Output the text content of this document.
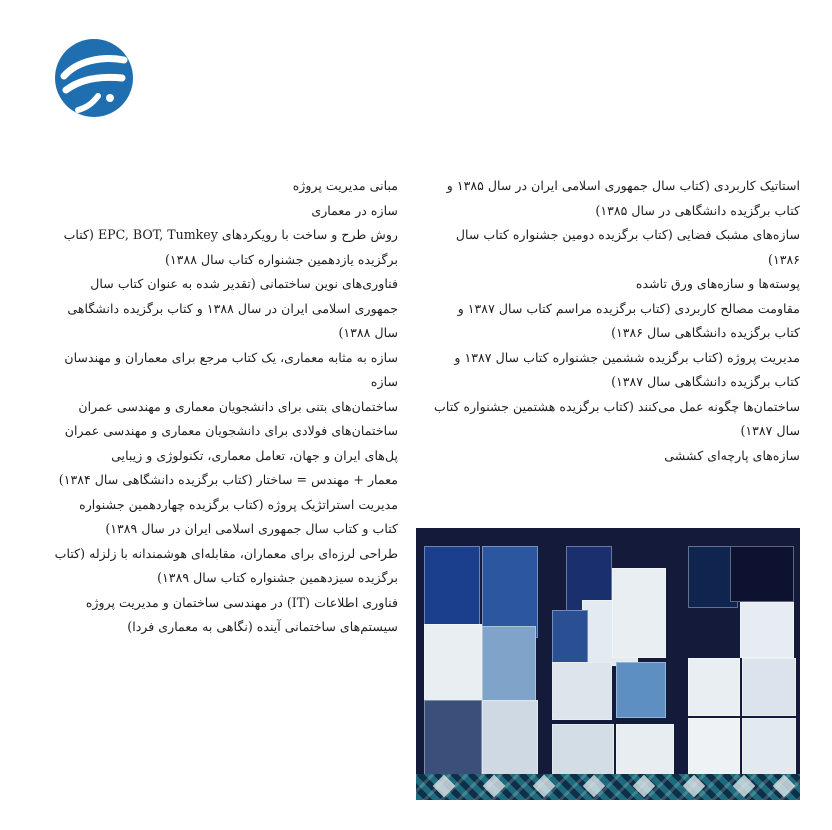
استاتیک کاربردی (کتاب سال جمهوری اسلامی ایران در سال ۱۳۸۵ و کتاب برگزیده دانشگاهی در سال ۱۳۸۵)
سازه‌های مشبک فضایی (کتاب برگزیده دومین جشنواره کتاب سال ۱۳۸۶)
پوسته‌ها و سازه‌های ورق تاشده
مقاومت مصالح کاربردی (کتاب برگزیده مراسم کتاب سال ۱۳۸۷ و کتاب برگزیده دانشگاهی سال ۱۳۸۶)
مدیریت پروژه (کتاب برگزیده ششمین جشنواره کتاب سال ۱۳۸۷ و کتاب برگزیده دانشگاهی سال ۱۳۸۷)
ساختمان‌ها چگونه عمل می‌کنند (کتاب برگزیده هشتمین جشنواره کتاب سال ۱۳۸۷)
سازه‌های پارچه‌ای کششی
مبانی مدیریت پروژه
سازه در معماری
روش طرح و ساخت با رویکردهای EPC, BOT, Tumkey (کتاب برگزیده یازدهمین جشنواره کتاب سال ۱۳۸۸)
فناوری‌های نوین ساختمانی (تقدیر شده به عنوان کتاب سال جمهوری اسلامی ایران در سال ۱۳۸۸ و کتاب برگزیده دانشگاهی سال ۱۳۸۸)
سازه به مثابه معماری، یک کتاب مرجع برای معماران و مهندسان سازه
ساختمان‌های بتنی برای دانشجویان معماری و مهندسی عمران
ساختمان‌های فولادی برای دانشجویان معماری و مهندسی عمران
پل‌های ایران و جهان، تعامل معماری، تکنولوژی و زیبایی
معمار + مهندس = ساختار (کتاب برگزیده دانشگاهی سال ۱۳۸۴)
مدیریت استراتژیک پروژه (کتاب برگزیده چهاردهمین جشنواره کتاب و کتاب سال جمهوری اسلامی ایران در سال ۱۳۸۹)
طراحی لرزه‌ای برای معماران، مقابله‌ای هوشمندانه با زلزله (کتاب برگزیده سیزدهمین جشنواره کتاب سال ۱۳۸۹)
فناوری اطلاعات (IT) در مهندسی ساختمان و مدیریت پروژه
سیستم‌های ساختمانی آینده (نگاهی به معماری فردا)
